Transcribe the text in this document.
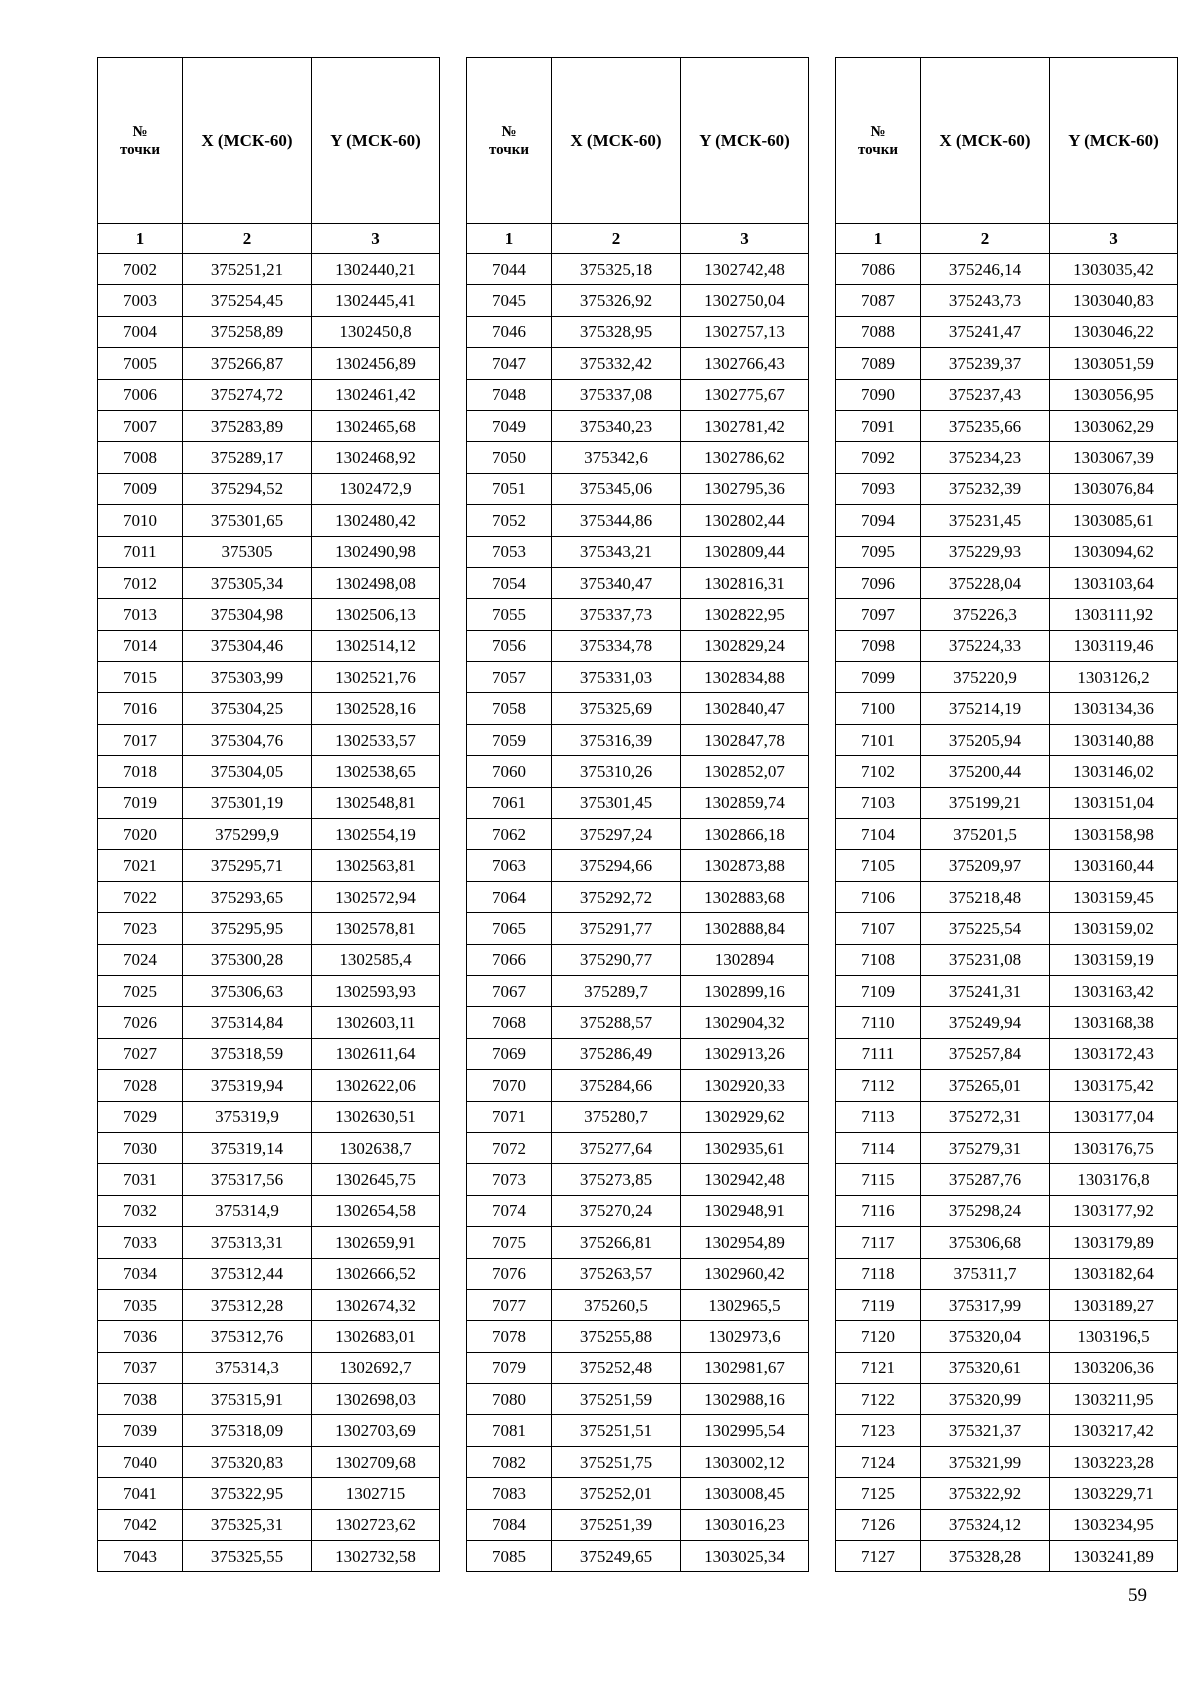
№
точки	X (МСК-60)	Y (МСК-60)
1	2	3
7002	375251,21	1302440,21
7003	375254,45	1302445,41
7004	375258,89	1302450,8
7005	375266,87	1302456,89
7006	375274,72	1302461,42
7007	375283,89	1302465,68
7008	375289,17	1302468,92
7009	375294,52	1302472,9
7010	375301,65	1302480,42
7011	375305	1302490,98
7012	375305,34	1302498,08
7013	375304,98	1302506,13
7014	375304,46	1302514,12
7015	375303,99	1302521,76
7016	375304,25	1302528,16
7017	375304,76	1302533,57
7018	375304,05	1302538,65
7019	375301,19	1302548,81
7020	375299,9	1302554,19
7021	375295,71	1302563,81
7022	375293,65	1302572,94
7023	375295,95	1302578,81
7024	375300,28	1302585,4
7025	375306,63	1302593,93
7026	375314,84	1302603,11
7027	375318,59	1302611,64
7028	375319,94	1302622,06
7029	375319,9	1302630,51
7030	375319,14	1302638,7
7031	375317,56	1302645,75
7032	375314,9	1302654,58
7033	375313,31	1302659,91
7034	375312,44	1302666,52
7035	375312,28	1302674,32
7036	375312,76	1302683,01
7037	375314,3	1302692,7
7038	375315,91	1302698,03
7039	375318,09	1302703,69
7040	375320,83	1302709,68
7041	375322,95	1302715
7042	375325,31	1302723,62
7043	375325,55	1302732,58
№
точки	X (МСК-60)	Y (МСК-60)
1	2	3
7044	375325,18	1302742,48
7045	375326,92	1302750,04
7046	375328,95	1302757,13
7047	375332,42	1302766,43
7048	375337,08	1302775,67
7049	375340,23	1302781,42
7050	375342,6	1302786,62
7051	375345,06	1302795,36
7052	375344,86	1302802,44
7053	375343,21	1302809,44
7054	375340,47	1302816,31
7055	375337,73	1302822,95
7056	375334,78	1302829,24
7057	375331,03	1302834,88
7058	375325,69	1302840,47
7059	375316,39	1302847,78
7060	375310,26	1302852,07
7061	375301,45	1302859,74
7062	375297,24	1302866,18
7063	375294,66	1302873,88
7064	375292,72	1302883,68
7065	375291,77	1302888,84
7066	375290,77	1302894
7067	375289,7	1302899,16
7068	375288,57	1302904,32
7069	375286,49	1302913,26
7070	375284,66	1302920,33
7071	375280,7	1302929,62
7072	375277,64	1302935,61
7073	375273,85	1302942,48
7074	375270,24	1302948,91
7075	375266,81	1302954,89
7076	375263,57	1302960,42
7077	375260,5	1302965,5
7078	375255,88	1302973,6
7079	375252,48	1302981,67
7080	375251,59	1302988,16
7081	375251,51	1302995,54
7082	375251,75	1303002,12
7083	375252,01	1303008,45
7084	375251,39	1303016,23
7085	375249,65	1303025,34
№
точки	X (МСК-60)	Y (МСК-60)
1	2	3
7086	375246,14	1303035,42
7087	375243,73	1303040,83
7088	375241,47	1303046,22
7089	375239,37	1303051,59
7090	375237,43	1303056,95
7091	375235,66	1303062,29
7092	375234,23	1303067,39
7093	375232,39	1303076,84
7094	375231,45	1303085,61
7095	375229,93	1303094,62
7096	375228,04	1303103,64
7097	375226,3	1303111,92
7098	375224,33	1303119,46
7099	375220,9	1303126,2
7100	375214,19	1303134,36
7101	375205,94	1303140,88
7102	375200,44	1303146,02
7103	375199,21	1303151,04
7104	375201,5	1303158,98
7105	375209,97	1303160,44
7106	375218,48	1303159,45
7107	375225,54	1303159,02
7108	375231,08	1303159,19
7109	375241,31	1303163,42
7110	375249,94	1303168,38
7111	375257,84	1303172,43
7112	375265,01	1303175,42
7113	375272,31	1303177,04
7114	375279,31	1303176,75
7115	375287,76	1303176,8
7116	375298,24	1303177,92
7117	375306,68	1303179,89
7118	375311,7	1303182,64
7119	375317,99	1303189,27
7120	375320,04	1303196,5
7121	375320,61	1303206,36
7122	375320,99	1303211,95
7123	375321,37	1303217,42
7124	375321,99	1303223,28
7125	375322,92	1303229,71
7126	375324,12	1303234,95
7127	375328,28	1303241,89
59
